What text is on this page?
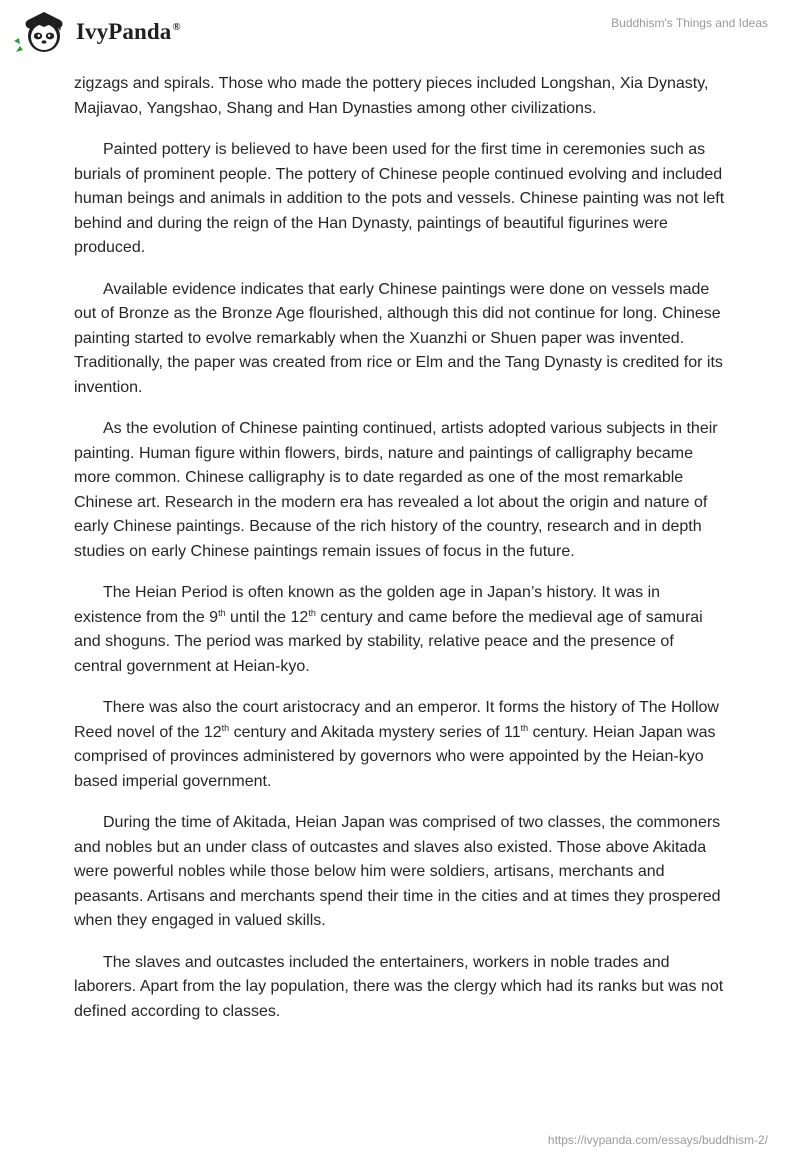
IvyPanda®	Buddhism's Things and Ideas

zigzags and spirals. Those who made the pottery pieces included Longshan, Xia Dynasty, Majiavao, Yangshao, Shang and Han Dynasties among other civilizations.

Painted pottery is believed to have been used for the first time in ceremonies such as burials of prominent people. The pottery of Chinese people continued evolving and included human beings and animals in addition to the pots and vessels. Chinese painting was not left behind and during the reign of the Han Dynasty, paintings of beautiful figurines were produced.

Available evidence indicates that early Chinese paintings were done on vessels made out of Bronze as the Bronze Age flourished, although this did not continue for long. Chinese painting started to evolve remarkably when the Xuanzhi or Shuen paper was invented. Traditionally, the paper was created from rice or Elm and the Tang Dynasty is credited for its invention.

As the evolution of Chinese painting continued, artists adopted various subjects in their painting. Human figure within flowers, birds, nature and paintings of calligraphy became more common. Chinese calligraphy is to date regarded as one of the most remarkable Chinese art. Research in the modern era has revealed a lot about the origin and nature of early Chinese paintings. Because of the rich history of the country, research and in depth studies on early Chinese paintings remain issues of focus in the future.

The Heian Period is often known as the golden age in Japan’s history. It was in existence from the 9th until the 12th century and came before the medieval age of samurai and shoguns. The period was marked by stability, relative peace and the presence of central government at Heian-kyo.

There was also the court aristocracy and an emperor. It forms the history of The Hollow Reed novel of the 12th century and Akitada mystery series of 11th century. Heian Japan was comprised of provinces administered by governors who were appointed by the Heian-kyo based imperial government.

During the time of Akitada, Heian Japan was comprised of two classes, the commoners and nobles but an under class of outcastes and slaves also existed. Those above Akitada were powerful nobles while those below him were soldiers, artisans, merchants and peasants. Artisans and merchants spend their time in the cities and at times they prospered when they engaged in valued skills.

The slaves and outcastes included the entertainers, workers in noble trades and laborers. Apart from the lay population, there was the clergy which had its ranks but was not defined according to classes.

https://ivypanda.com/essays/buddhism-2/
